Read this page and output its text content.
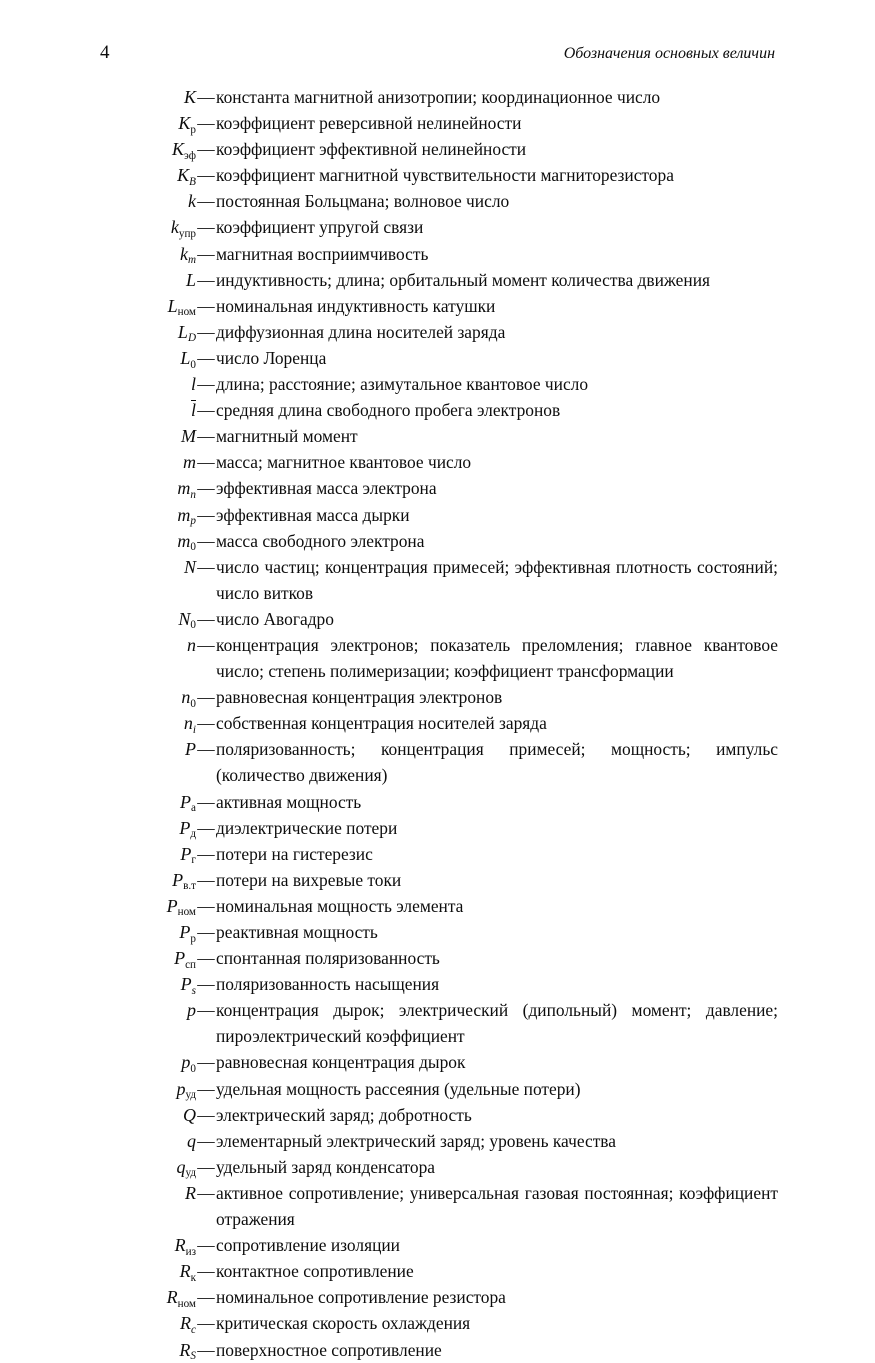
4	Обозначения основных величин
K — константа магнитной анизотропии; координационное число
$K_р$ — коэффициент реверсивной нелинейности
$K_{эф}$ — коэффициент эффективной нелинейности
$K_В$ — коэффициент магнитной чувствительности магниторезистора
k — постоянная Больцмана; волновое число
$k_{упр}$ — коэффициент упругой связи
$k_m$ — магнитная восприимчивость
L — индуктивность; длина; орбитальный момент количества движения
$L_{ном}$ — номинальная индуктивность катушки
$L_D$ — диффузионная длина носителей заряда
$L_0$ — число Лоренца
l — длина; расстояние; азимутальное квантовое число
l — средняя длина свободного пробега электронов
M — магнитный момент
m — масса; магнитное квантовое число
$m_n$ — эффективная масса электрона
$m_p$ — эффективная масса дырки
$m_0$ — масса свободного электрона
N — число частиц; концентрация примесей; эффективная плотность состояний; число витков
$N_0$ — число Авогадро
n — концентрация электронов; показатель преломления; главное квантовое число; степень полимеризации; коэффициент трансформации
$n_0$ — равновесная концентрация электронов
$n_i$ — собственная концентрация носителей заряда
P — поляризованность; концентрация примесей; мощность; импульс (количество движения)
$P_а$ — активная мощность
$P_д$ — диэлектрические потери
$P_г$ — потери на гистерезис
$P_{в.т}$ — потери на вихревые токи
$P_{ном}$ — номинальная мощность элемента
$P_р$ — реактивная мощность
$P_{сп}$ — спонтанная поляризованность
$P_s$ — поляризованность насыщения
p — концентрация дырок; электрический (дипольный) момент; давление; пироэлектрический коэффициент
$p_0$ — равновесная концентрация дырок
$p_{уд}$ — удельная мощность рассеяния (удельные потери)
Q — электрический заряд; добротность
q — элементарный электрический заряд; уровень качества
$q_{уд}$ — удельный заряд конденсатора
R — активное сопротивление; универсальная газовая постоянная; коэффициент отражения
$R_{из}$ — сопротивление изоляции
$R_к$ — контактное сопротивление
$R_{ном}$ — номинальное сопротивление резистора
$R_c$ — критическая скорость охлаждения
$R_S$ — поверхностное сопротивление
